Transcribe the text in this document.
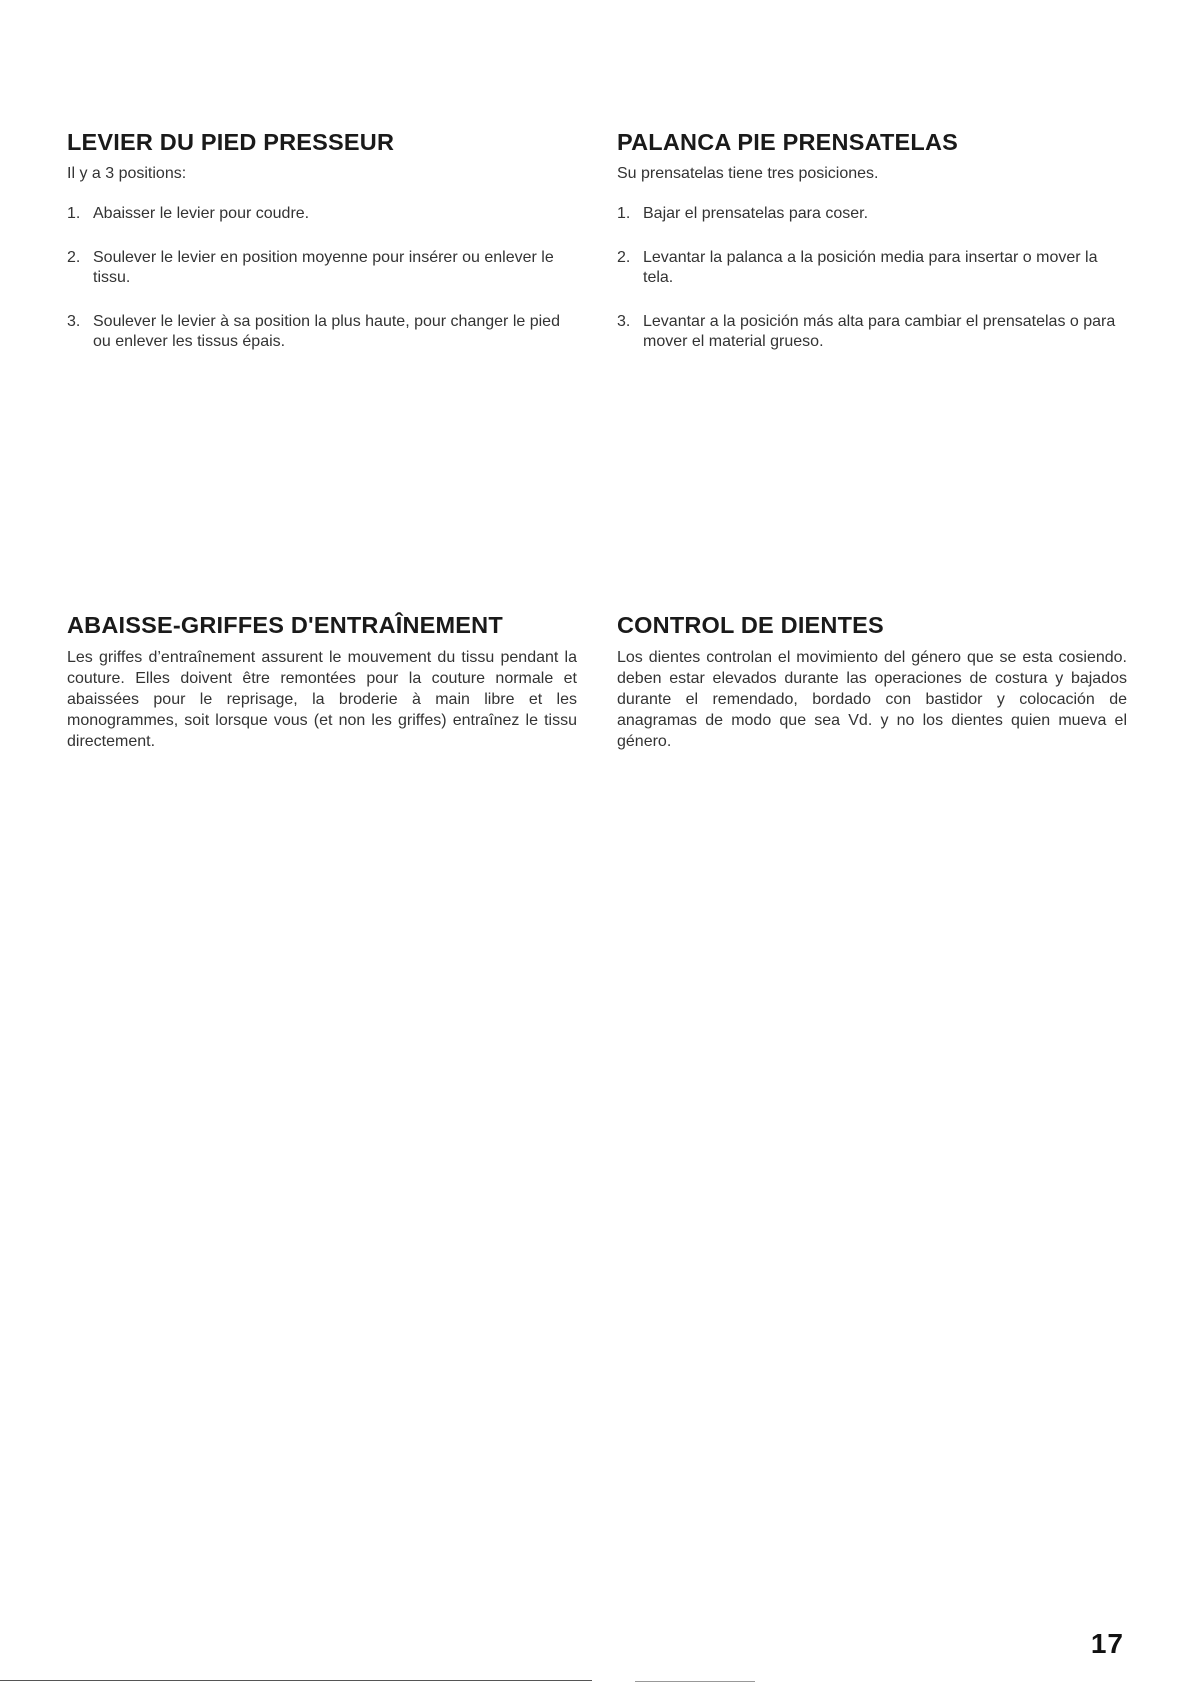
LEVIER DU PIED PRESSEUR

Il y a 3 positions:

1. Abaisser le levier pour coudre.
2. Soulever le levier en position moyenne pour insérer ou enlever le tissu.
3. Soulever le levier à sa position la plus haute, pour changer le pied ou enlever les tissus épais.
PALANCA PIE PRENSATELAS

Su prensatelas tiene tres posiciones.

1. Bajar el prensatelas para coser.
2. Levantar la palanca a la posición media para insertar o mover la tela.
3. Levantar a la posición más alta para cambiar el prensatelas o para mover el material grueso.
ABAISSE-GRIFFES D'ENTRAÎNEMENT

Les griffes d’entraînement assurent le mouvement du tissu pendant la couture. Elles doivent être remontées pour la couture normale et abaissées pour le reprisage, la broderie à main libre et les monogrammes, soit lorsque vous (et non les griffes) entraînez le tissu directement.

CONTROL DE DIENTES

Los dientes controlan el movimiento del género que se esta cosiendo. deben estar elevados durante las operaciones de costura y bajados durante el remendado, bordado con bastidor y colocación de anagramas de modo que sea Vd. y no los dientes quien mueva el género.

17
